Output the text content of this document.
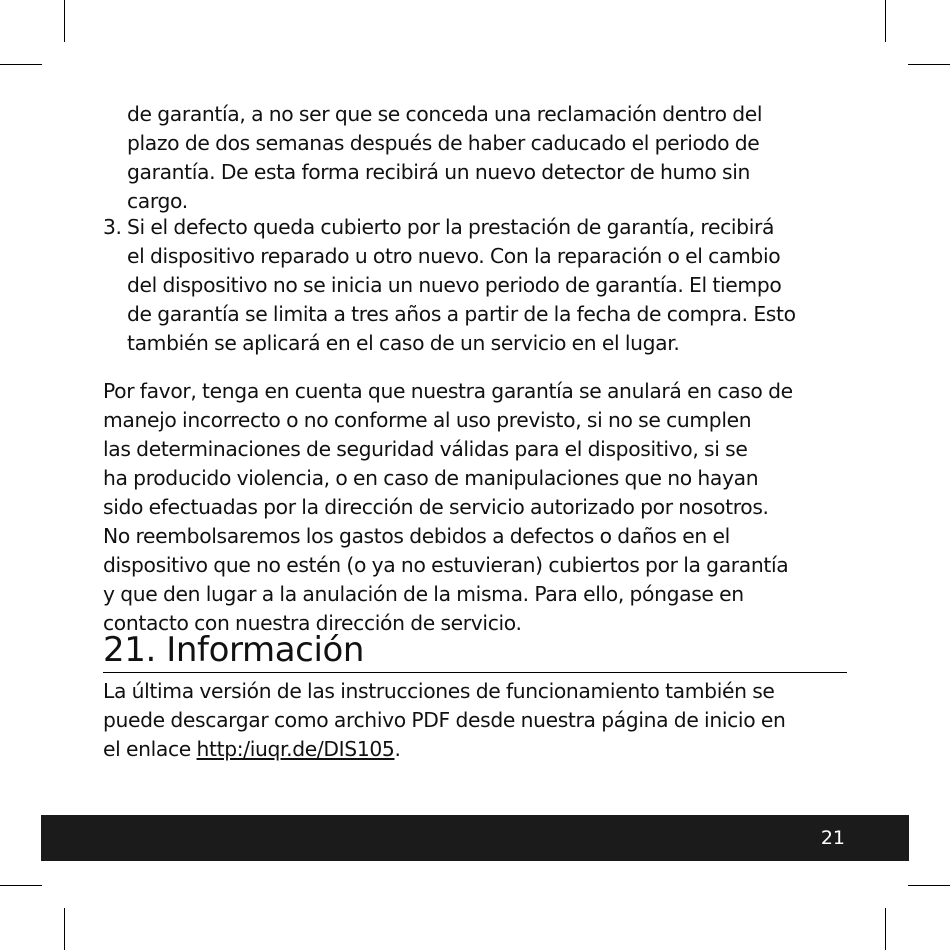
de garantía, a no ser que se conceda una reclamación dentro del
plazo de dos semanas después de haber caducado el periodo de
garantía. De esta forma recibirá un nuevo detector de humo sin
cargo.
3. Si el defecto queda cubierto por la prestación de garantía, recibirá
el dispositivo reparado u otro nuevo. Con la reparación o el cambio
del dispositivo no se inicia un nuevo periodo de garantía. El tiempo
de garantía se limita a tres años a partir de la fecha de compra. Esto
también se aplicará en el caso de un servicio en el lugar.
Por favor, tenga en cuenta que nuestra garantía se anulará en caso de
manejo incorrecto o no conforme al uso previsto, si no se cumplen
las determinaciones de seguridad válidas para el dispositivo, si se
ha producido violencia, o en caso de manipulaciones que no hayan
sido efectuadas por la dirección de servicio autorizado por nosotros.
No reembolsaremos los gastos debidos a defectos o daños en el
dispositivo que no estén (o ya no estuvieran) cubiertos por la garantía
y que den lugar a la anulación de la misma. Para ello, póngase en
contacto con nuestra dirección de servicio.
21. Información
La última versión de las instrucciones de funcionamiento también se
puede descargar como archivo PDF desde nuestra página de inicio en
el enlace http:/iuqr.de/DIS105.
21
